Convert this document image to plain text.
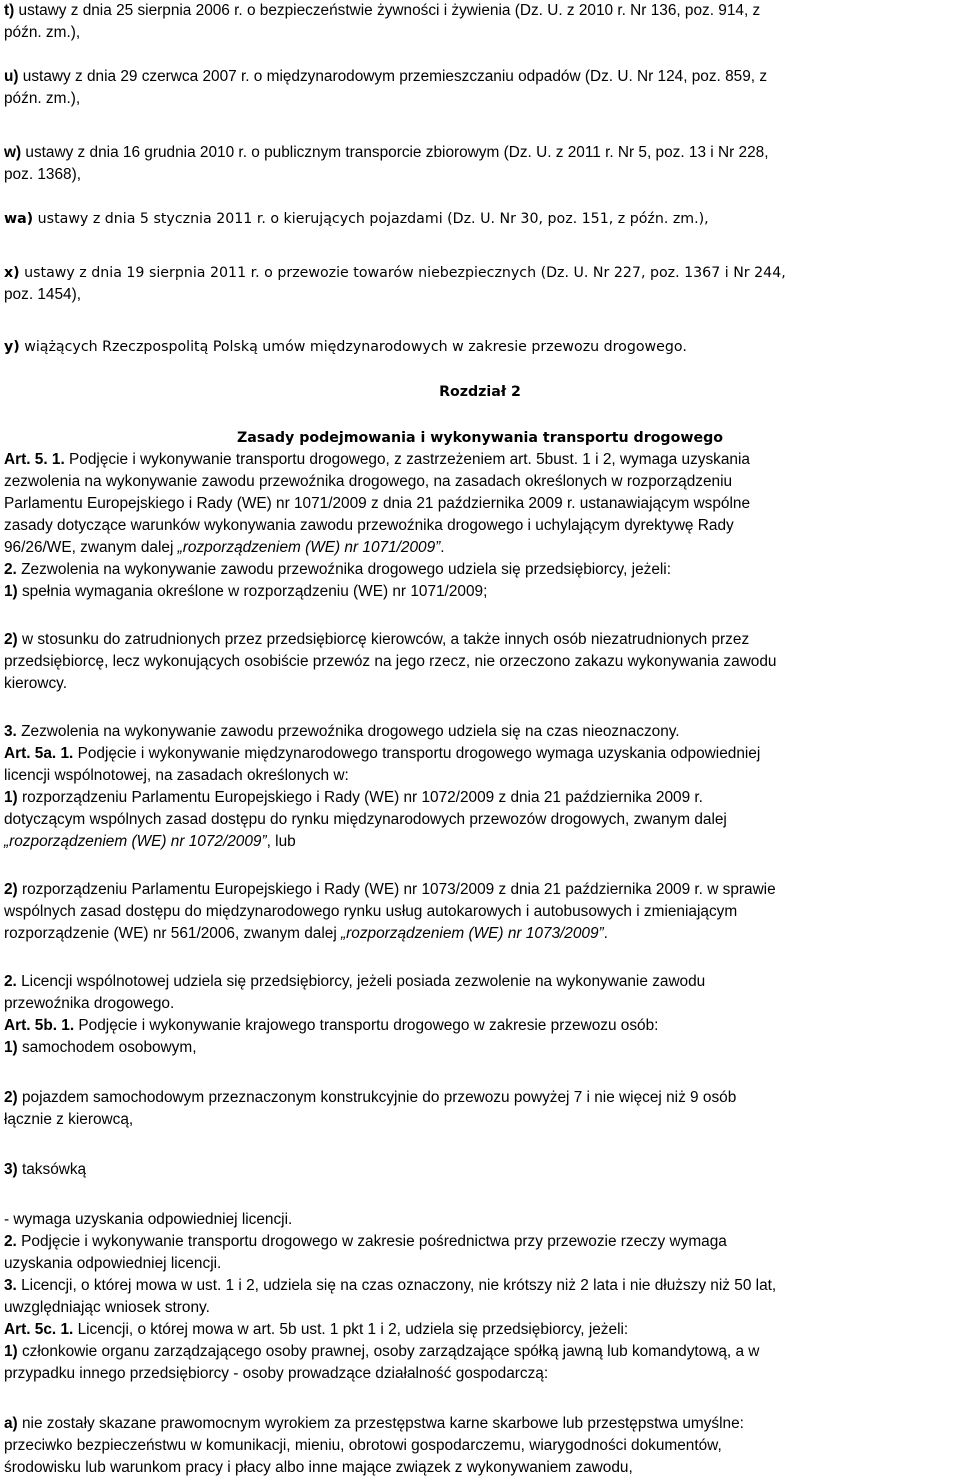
t) ustawy z dnia 25 sierpnia 2006 r. o bezpieczeństwie żywności i żywienia (Dz. U. z 2010 r. Nr 136, poz. 914, z

późn. zm.),

u) ustawy z dnia 29 czerwca 2007 r. o międzynarodowym przemieszczaniu odpadów (Dz. U. Nr 124, poz. 859, z

późn. zm.),

w) ustawy z dnia 16 grudnia 2010 r. o publicznym transporcie zbiorowym (Dz. U. z 2011 r. Nr 5, poz. 13 i Nr 228,

poz. 1368),

wa) ustawy z dnia 5 stycznia 2011 r. o kierujących pojazdami (Dz. U. Nr 30, poz. 151, z późn. zm.),

x) ustawy z dnia 19 sierpnia 2011 r. o przewozie towarów niebezpiecznych (Dz. U. Nr 227, poz. 1367 i Nr 244,

poz. 1454),

y) wiążących Rzeczpospolitą Polską umów międzynarodowych w zakresie przewozu drogowego.

Rozdział 2

Zasady podejmowania i wykonywania transportu drogowego

Art. 5. 1. Podjęcie i wykonywanie transportu drogowego, z zastrzeżeniem art. 5bust. 1 i 2, wymaga uzyskania

zezwolenia na wykonywanie zawodu przewoźnika drogowego, na zasadach określonych w rozporządzeniu

Parlamentu Europejskiego i Rady (WE) nr 1071/2009 z dnia 21 października 2009 r. ustanawiającym wspólne

zasady dotyczące warunków wykonywania zawodu przewoźnika drogowego i uchylającym dyrektywę Rady

96/26/WE, zwanym dalej „rozporządzeniem (WE) nr 1071/2009”.

2. Zezwolenia na wykonywanie zawodu przewoźnika drogowego udziela się przedsiębiorcy, jeżeli:

1) spełnia wymagania określone w rozporządzeniu (WE) nr 1071/2009;

2) w stosunku do zatrudnionych przez przedsiębiorcę kierowców, a także innych osób niezatrudnionych przez

przedsiębiorcę, lecz wykonujących osobiście przewóz na jego rzecz, nie orzeczono zakazu wykonywania zawodu

kierowcy.

3. Zezwolenia na wykonywanie zawodu przewoźnika drogowego udziela się na czas nieoznaczony.

Art. 5a. 1. Podjęcie i wykonywanie międzynarodowego transportu drogowego wymaga uzyskania odpowiedniej

licencji wspólnotowej, na zasadach określonych w:

1) rozporządzeniu Parlamentu Europejskiego i Rady (WE) nr 1072/2009 z dnia 21 października 2009 r.

dotyczącym wspólnych zasad dostępu do rynku międzynarodowych przewozów drogowych, zwanym dalej

„rozporządzeniem (WE) nr 1072/2009”, lub

2) rozporządzeniu Parlamentu Europejskiego i Rady (WE) nr 1073/2009 z dnia 21 października 2009 r. w sprawie

wspólnych zasad dostępu do międzynarodowego rynku usług autokarowych i autobusowych i zmieniającym

rozporządzenie (WE) nr 561/2006, zwanym dalej „rozporządzeniem (WE) nr 1073/2009”.

2. Licencji wspólnotowej udziela się przedsiębiorcy, jeżeli posiada zezwolenie na wykonywanie zawodu

przewoźnika drogowego.

Art. 5b. 1. Podjęcie i wykonywanie krajowego transportu drogowego w zakresie przewozu osób:

1) samochodem osobowym,

2) pojazdem samochodowym przeznaczonym konstrukcyjnie do przewozu powyżej 7 i nie więcej niż 9 osób

łącznie z kierowcą,

3) taksówką

- wymaga uzyskania odpowiedniej licencji.

2. Podjęcie i wykonywanie transportu drogowego w zakresie pośrednictwa przy przewozie rzeczy wymaga

uzyskania odpowiedniej licencji.

3. Licencji, o której mowa w ust. 1 i 2, udziela się na czas oznaczony, nie krótszy niż 2 lata i nie dłuższy niż 50 lat,

uwzględniając wniosek strony.

Art. 5c. 1. Licencji, o której mowa w art. 5b ust. 1 pkt 1 i 2, udziela się przedsiębiorcy, jeżeli:

1) członkowie organu zarządzającego osoby prawnej, osoby zarządzające spółką jawną lub komandytową, a w

przypadku innego przedsiębiorcy - osoby prowadzące działalność gospodarczą:

a) nie zostały skazane prawomocnym wyrokiem za przestępstwa karne skarbowe lub przestępstwa umyślne:

przeciwko bezpieczeństwu w komunikacji, mieniu, obrotowi gospodarczemu, wiarygodności dokumentów,

środowisku lub warunkom pracy i płacy albo inne mające związek z wykonywaniem zawodu,
